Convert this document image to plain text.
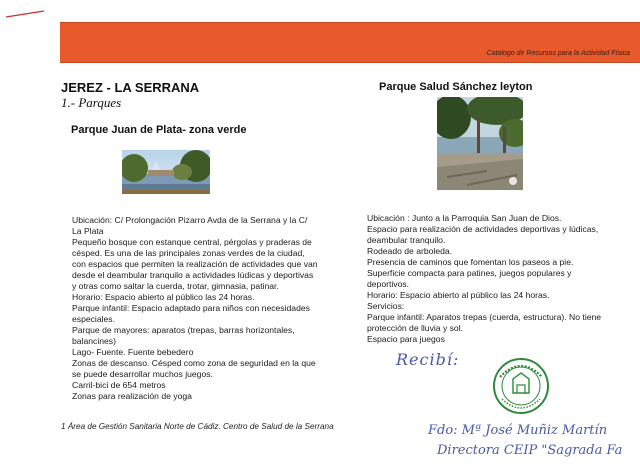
Catalogo de Recursos para la Actividad Física
JEREZ - LA SERRANA
1.- Parques
Parque Juan de Plata- zona verde
Parque Salud Sánchez leyton
Ubicación: C/ Prolongación Pizarro Avda de la Serrana y la C/
La Plata
Pequeño bosque con estanque central, pérgolas y praderas de
césped. Es una de las principales zonas verdes de la ciudad,
con espacios que permiten la realización de actividades que van
desde el deambular tranquilo a actividades lúdicas y deportivas
y otras como saltar la cuerda, trotar, gimnasia, patinar.
Horario: Espacio abierto al público las 24 horas.
Parque infantil: Espacio adaptado para niños con necesidades
especiales.
Parque de mayores: aparatos (trepas, barras horizontales,
balancines)
Lago- Fuente. Fuente bebedero
Zonas de descanso. Césped como zona de seguridad en la que
se puede desarrollar muchos juegos.
Carril-bici de 654 metros
Zonas para realización de yoga
Ubicación : Junto a la Parroquia San Juan de Dios.
Espacio para realización de actividades deportivas y lúdicas,
deambular tranquilo.
Rodeado de arboleda.
Presencia de caminos que fomentan los paseos a pie.
Superficie compacta para patines, juegos populares y
deportivos.
Horario: Espacio abierto al público las 24 horas.
Servicios:
Parque infantil: Aparatos trepas (cuerda, estructura). No tiene
protección de lluvia y sol.
Espacio para juegos
Recibí:
Fdo: Mª José Muñiz Martín
Directora CEIP "Sagrada Fa
1 Área de Gestión Sanitaria Norte de Cádiz. Centro de Salud de la Serrana
